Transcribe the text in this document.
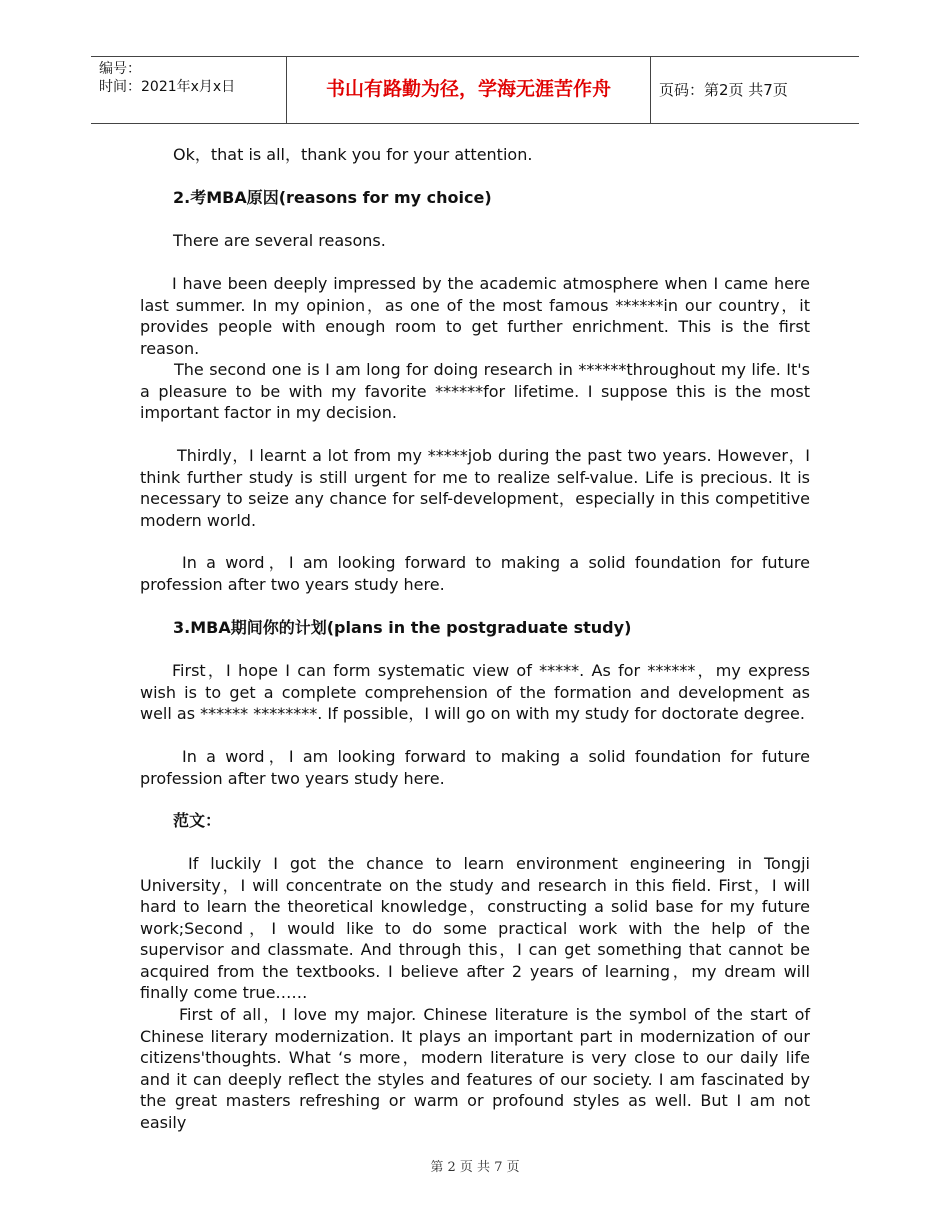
编号：
时间：2021年x月x日	书山有路勤为径，学海无涯苦作舟	页码：第2页 共7页

Ok，that is all，thank you for your attention.

2.考MBA原因(reasons for my choice)

There are several reasons.

I have been deeply impressed by the academic atmosphere when I came here last summer. In my opinion，as one of the most famous ******in our country，it provides people with enough room to get further enrichment. This is the first reason.

The second one is I am long for doing research in ******throughout my life. It's a pleasure to be with my favorite ******for lifetime. I suppose this is the most important factor in my decision.

Thirdly，I learnt a lot from my *****job during the past two years. However，I think further study is still urgent for me to realize self-value. Life is precious. It is necessary to seize any chance for self-development，especially in this competitive modern world.

In a word，I am looking forward to making a solid foundation for future profession after two years study here.

3.MBA期间你的计划(plans in the postgraduate study)

First，I hope I can form systematic view of *****. As for ******，my express wish is to get a complete comprehension of the formation and development as well as ****** ********. If possible，I will go on with my study for doctorate degree.

In a word，I am looking forward to making a solid foundation for future profession after two years study here.

范文：

If luckily I got the chance to learn environment engineering in Tongji University，I will concentrate on the study and research in this field. First，I will hard to learn the theoretical knowledge，constructing a solid base for my future work;Second，I would like to do some practical work with the help of the supervisor and classmate. And through this，I can get something that cannot be acquired from the textbooks. I believe after 2 years of learning，my dream will finally come true……

First of all，I love my major. Chinese literature is the symbol of the start of Chinese literary modernization. It plays an important part in modernization of our citizens'thoughts. What ‘s more，modern literature is very close to our daily life and it can deeply reflect the styles and features of our society. I am fascinated by the great masters refreshing or warm or profound styles as well. But I am not easily

第 2 页 共 7 页
